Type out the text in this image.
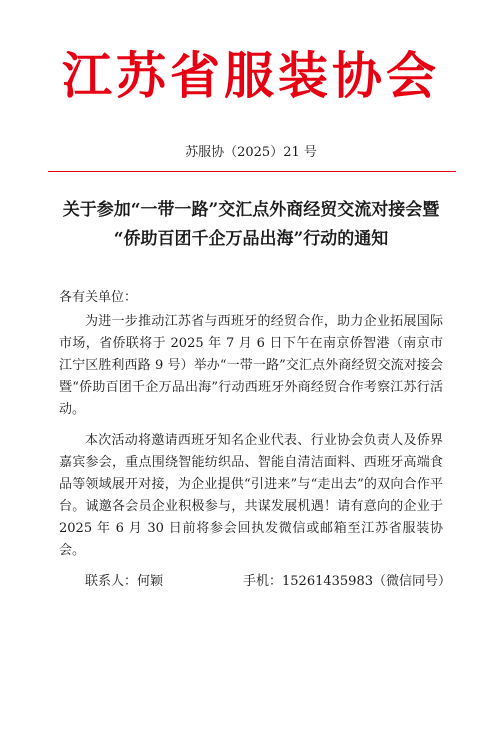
江苏省服装协会
苏服协（2025）21 号
关于参加“一带一路”交汇点外商经贸交流对接会暨
“侨助百团千企万品出海”行动的通知

各有关单位：

为进一步推动江苏省与西班牙的经贸合作，助力企业拓展国际市场，省侨联将于 2025 年 7 月 6 日下午在南京侨智港（南京市江宁区胜利西路 9 号）举办“一带一路”交汇点外商经贸交流对接会暨“侨助百团千企万品出海”行动西班牙外商经贸合作考察江苏行活动。

本次活动将邀请西班牙知名企业代表、行业协会负责人及侨界嘉宾参会，重点围绕智能纺织品、智能自清洁面料、西班牙高端食品等领域展开对接，为企业提供“引进来”与“走出去”的双向合作平台。诚邀各会员企业积极参与，共谋发展机遇！请有意向的企业于 2025 年 6 月 30 日前将参会回执发微信或邮箱至江苏省服装协会。

联系人：何颖	手机：15261435983（微信同号）
